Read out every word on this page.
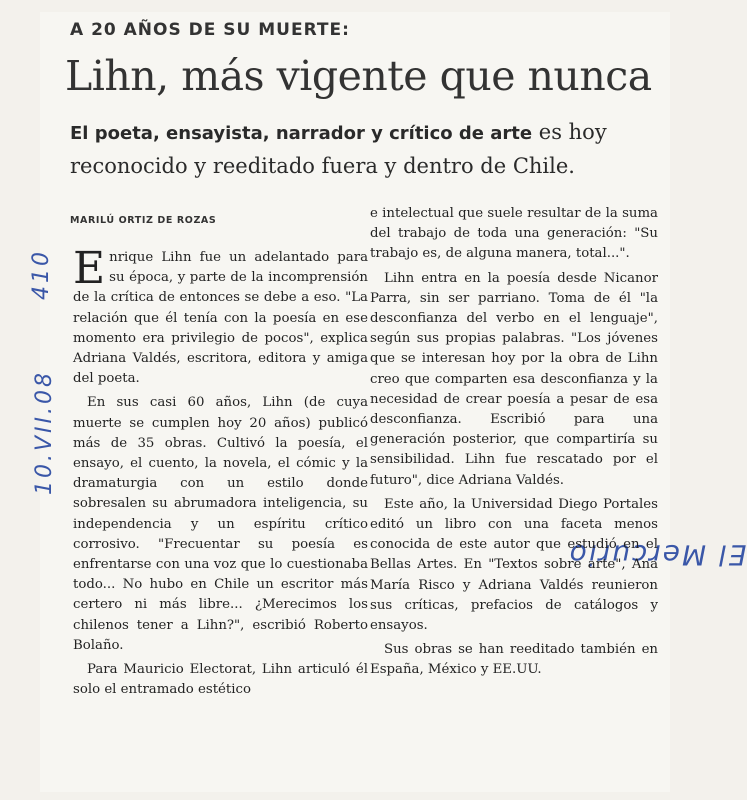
A 20 AÑOS DE SU MUERTE:
Lihn, más vigente que nunca
El poeta, ensayista, narrador y crítico de arte es hoy reconocido y reeditado fuera y dentro de Chile.
MARILÚ ORTIZ DE ROZAS
El Mercurio
10.VII.08
410 Enrique Lihn fue un adelantado para su época, y parte de la incomprensión de la crítica de entonces se debe a eso. "La relación que él tenía con la poesía en ese momento era privilegio de pocos", explica Adriana Valdés, escritora, editora y amiga del poeta.

En sus casi 60 años, Lihn (de cuya muerte se cumplen hoy 20 años) publicó más de 35 obras. Cultivó la poesía, el ensayo, el cuento, la novela, el cómic y la dramaturgia con un estilo donde sobresalen su abrumadora inteligencia, su independencia y un espíritu crítico corrosivo. "Frecuentar su poesía es enfrentarse con una voz que lo cuestionaba todo... No hubo en Chile un escritor más certero ni más libre... ¿Merecimos los chilenos tener a Lihn?", escribió Roberto Bolaño.

Para Mauricio Electorat, Lihn articuló él solo el entramado estético

e intelectual que suele resultar de la suma del trabajo de toda una generación: "Su trabajo es, de alguna manera, total...".

Lihn entra en la poesía desde Nicanor Parra, sin ser parriano. Toma de él "la desconfianza del verbo en el lenguaje", según sus propias palabras. "Los jóvenes que se interesan hoy por la obra de Lihn creo que comparten esa desconfianza y la necesidad de crear poesía a pesar de esa desconfianza. Escribió para una generación posterior, que compartiría su sensibilidad. Lihn fue rescatado por el futuro", dice Adriana Valdés.

Este año, la Universidad Diego Portales editó un libro con una faceta menos conocida de este autor que estudió en el Bellas Artes. En "Textos sobre arte", Ana María Risco y Adriana Valdés reunieron sus críticas, prefacios de catálogos y ensayos.

Sus obras se han reeditado también en España, México y EE.UU.
